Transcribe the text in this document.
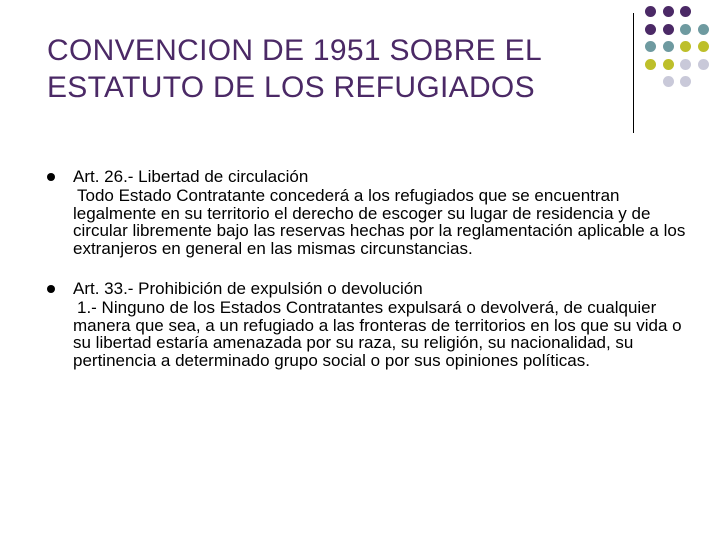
CONVENCION DE 1951 SOBRE EL
ESTATUTO DE LOS REFUGIADOS
Art. 26.- Libertad de circulación
Todo Estado Contratante concederá a los refugiados que se encuentran legalmente en su territorio el derecho de escoger su lugar de residencia y de circular libremente bajo las reservas hechas por la reglamentación aplicable a los extranjeros en general en las mismas circunstancias.
Art. 33.- Prohibición de expulsión o devolución
1.- Ninguno de los Estados Contratantes expulsará o devolverá, de cualquier manera que sea, a un refugiado a las fronteras de territorios en los que su vida o su libertad estaría amenazada por su raza, su religión, su nacionalidad, su pertinencia a determinado grupo social o por sus opiniones políticas.
